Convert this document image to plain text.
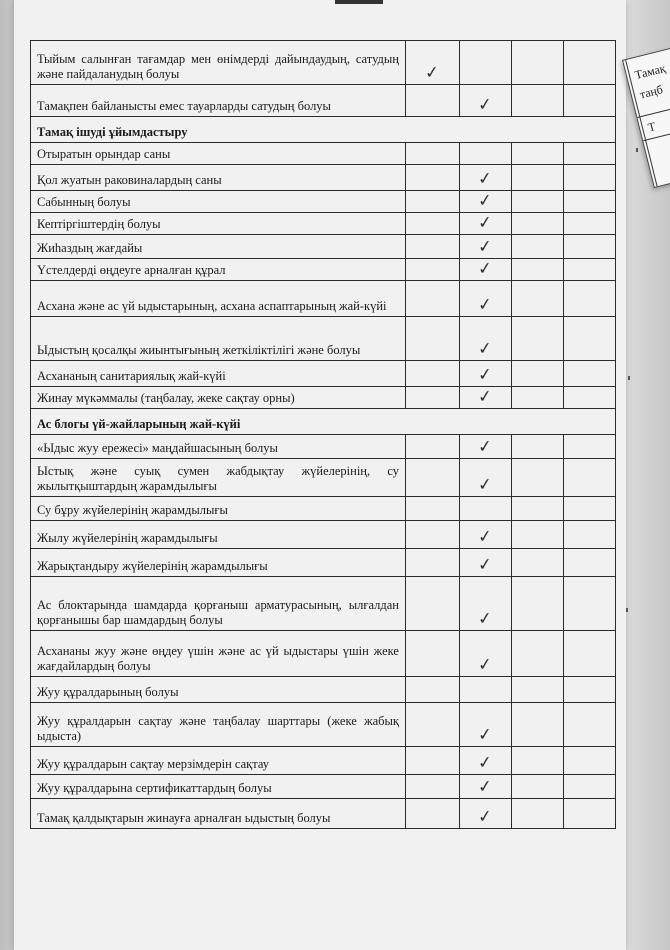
Тамақ
таңб
Т
Тыйым салынған тағамдар мен өнімдерді дайындаудың, сатудың және пайдаланудың болуы	✓			
Тамақпен байланысты емес тауарларды сатудың болуы		✓		
Тамақ ішуді ұйымдастыру				
Отыратын орындар саны				
Қол жуатын раковиналардың саны		✓		
Сабынның болуы		✓		
Кептіргіштердің болуы		✓		
Жиһаздың жағдайы		✓		
Үстелдерді өңдеуге арналған құрал		✓		
Асхана және ас үй ыдыстарының, асхана аспаптарының жай-күйі		✓		
Ыдыстың қосалқы жиынтығының жеткіліктілігі және болуы		✓		
Асхананың санитариялық жай-күйі		✓		
Жинау мүкәммалы (таңбалау, жеке сақтау орны)		✓		
Ас блогы үй-жайларының жай-күйі				
«Ыдыс жуу ережесі» маңдайшасының болуы		✓		
Ыстық және суық сумен жабдықтау жүйелерінің, су жылытқыштардың жарамдылығы		✓		
Су бұру жүйелерінің жарамдылығы				
Жылу жүйелерінің жарамдылығы		✓		
Жарықтандыру жүйелерінің жарамдылығы		✓		
Ас блоктарында шамдарда қорғаныш арматурасының, ылғалдан қорғанышы бар шамдардың болуы		✓		
Асхананы жуу және өңдеу үшін және ас үй ыдыстары үшін жеке жағдайлардың болуы		✓		
Жуу құралдарының болуы				
Жуу құралдарын сақтау және таңбалау шарттары (жеке жабық ыдыста)		✓		
Жуу құралдарын сақтау мерзімдерін сақтау		✓		
Жуу құралдарына сертификаттардың болуы		✓		
Тамақ қалдықтарын жинауға арналған ыдыстың болуы		✓		
